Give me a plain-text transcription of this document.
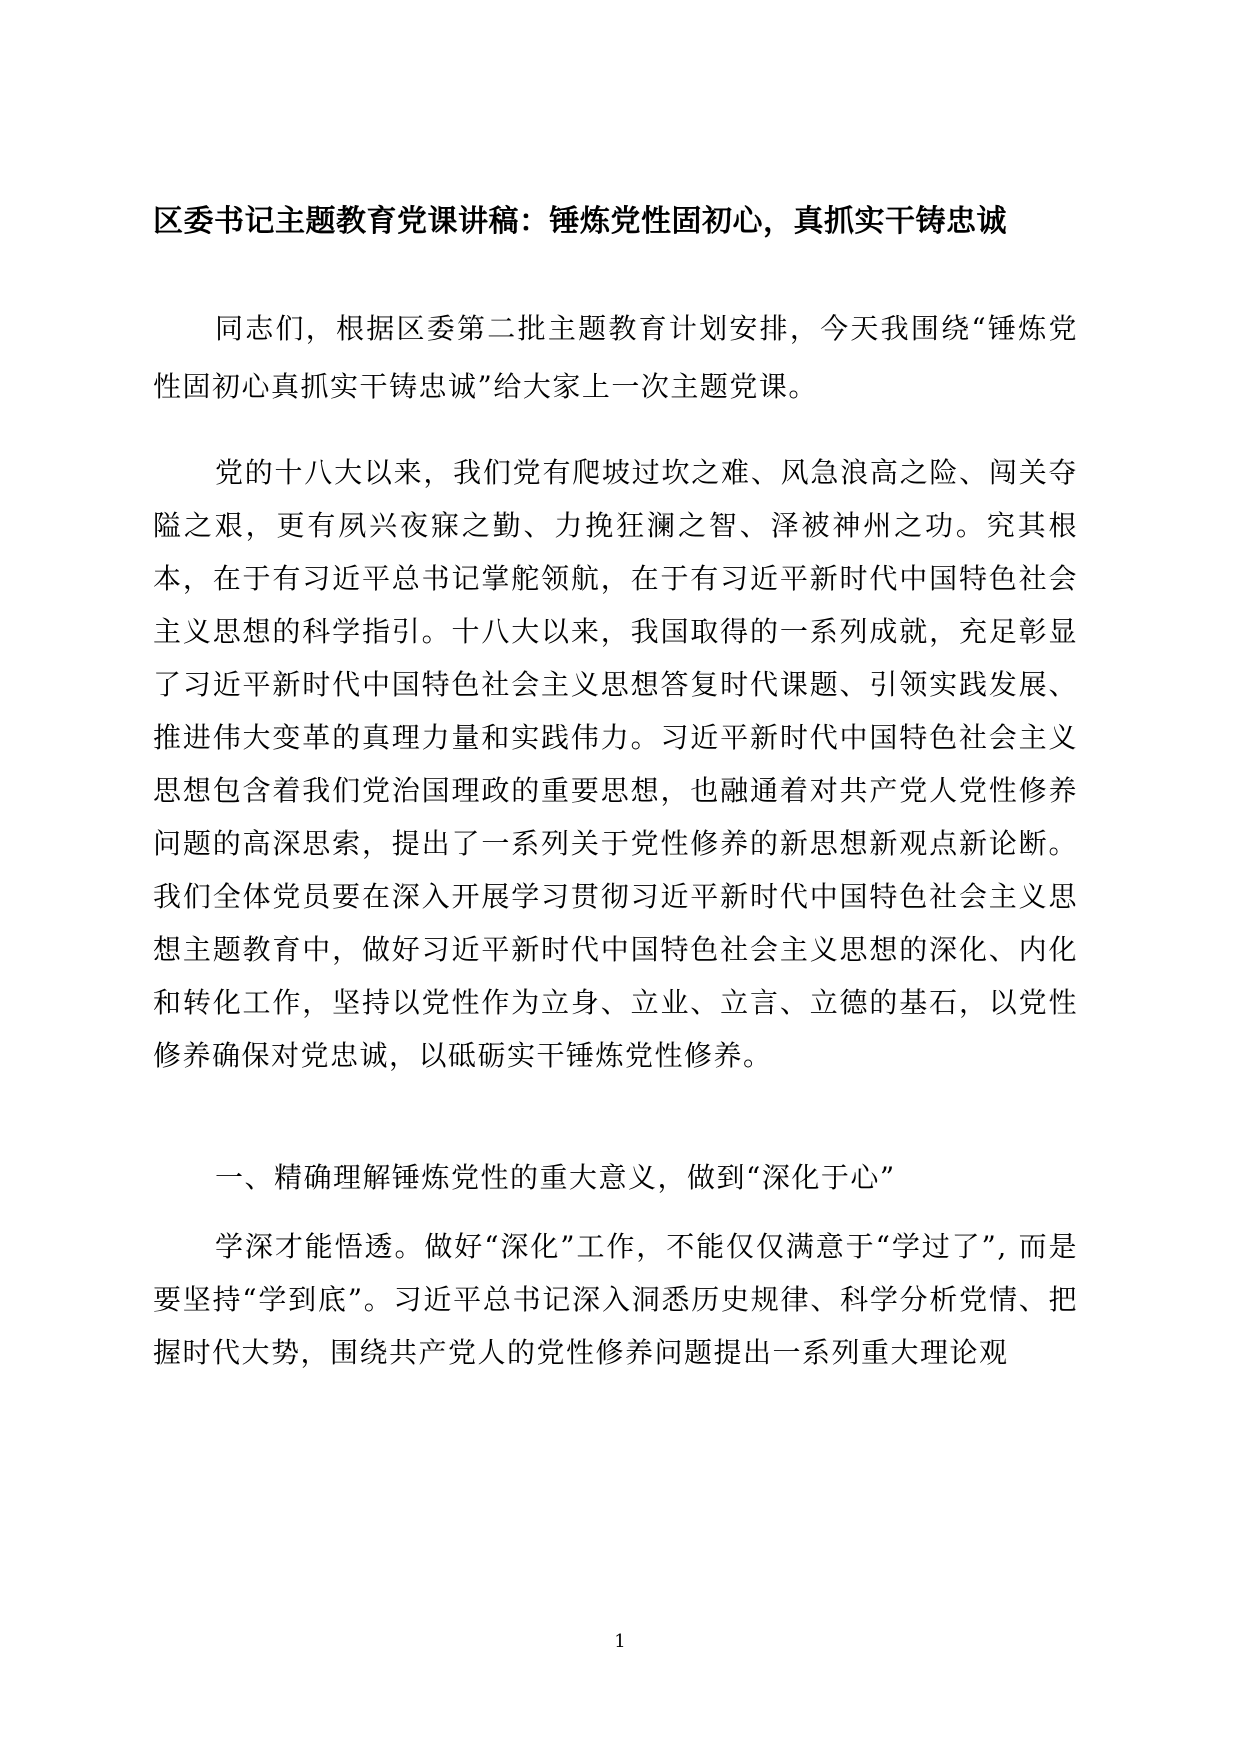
区委书记主题教育党课讲稿：锤炼党性固初心，真抓实干铸忠诚

同志们，根据区委第二批主题教育计划安排，今天我围绕“锤炼党性固初心真抓实干铸忠诚”给大家上一次主题党课。

党的十八大以来，我们党有爬坡过坎之难、风急浪高之险、闯关夺隘之艰，更有夙兴夜寐之勤、力挽狂澜之智、泽被神州之功。究其根本，在于有习近平总书记掌舵领航，在于有习近平新时代中国特色社会主义思想的科学指引。十八大以来，我国取得的一系列成就，充足彰显了习近平新时代中国特色社会主义思想答复时代课题、引领实践发展、推进伟大变革的真理力量和实践伟力。习近平新时代中国特色社会主义思想包含着我们党治国理政的重要思想，也融通着对共产党人党性修养问题的高深思索，提出了一系列关于党性修养的新思想新观点新论断。我们全体党员要在深入开展学习贯彻习近平新时代中国特色社会主义思想主题教育中，做好习近平新时代中国特色社会主义思想的深化、内化和转化工作，坚持以党性作为立身、立业、立言、立德的基石，以党性修养确保对党忠诚，以砥砺实干锤炼党性修养。

一、精确理解锤炼党性的重大意义，做到“深化于心”

学深才能悟透。做好“深化”工作，不能仅仅满意于“学过了”, 而是 要坚持“学到底”。习近平总书记深入洞悉历史规律、科学分析党情、把握时代大势，围绕共产党人的党性修养问题提出一系列重大理论观

1
